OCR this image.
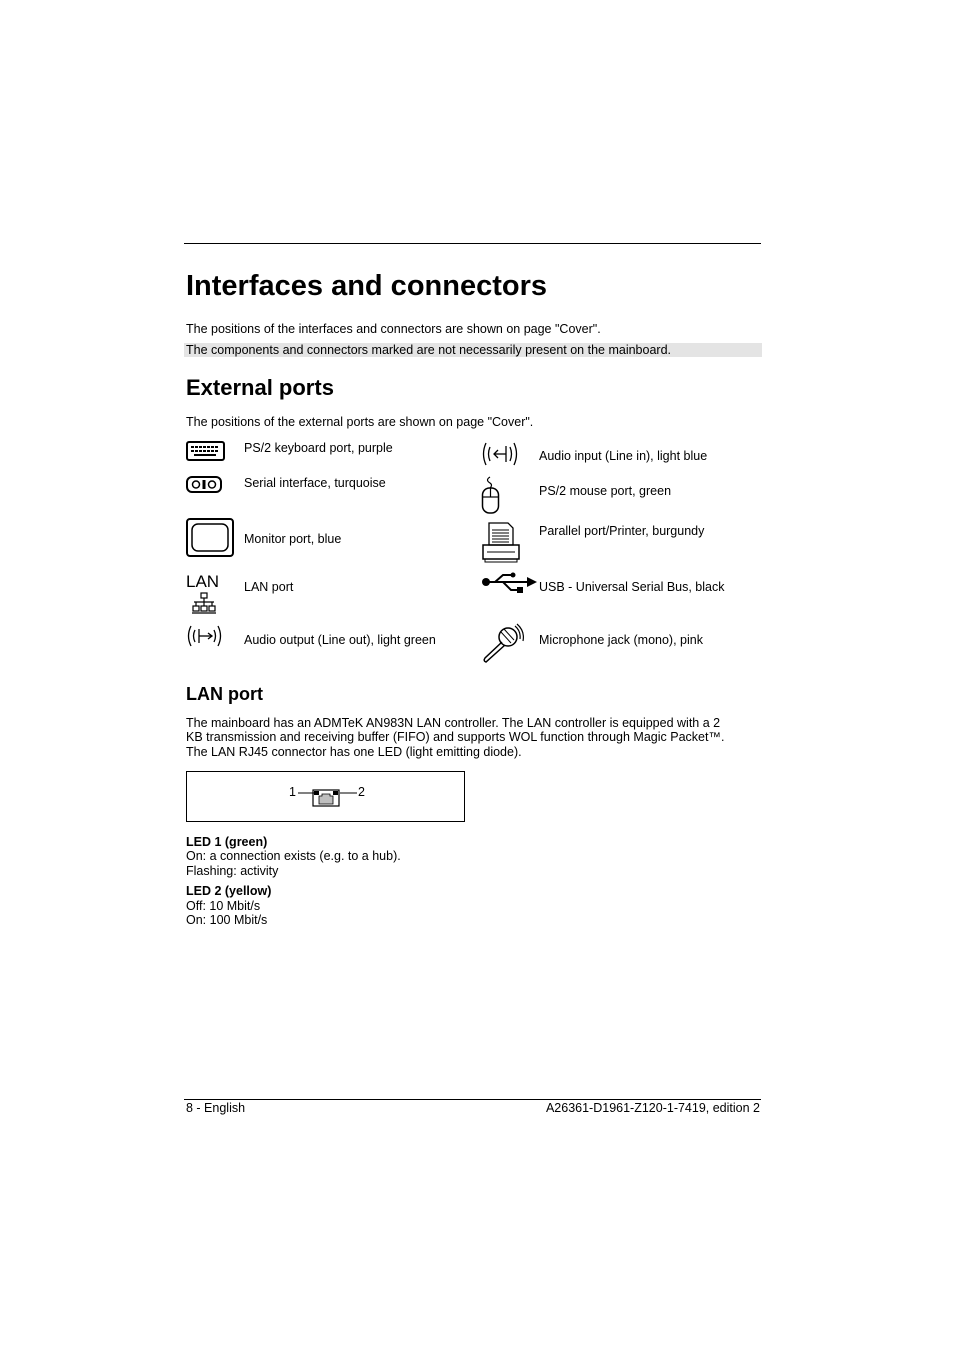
Interfaces and connectors
The positions of the interfaces and connectors are shown on page "Cover".
The components and connectors marked are not necessarily present on the mainboard.
External ports
The positions of the external ports are shown on page "Cover".
PS/2 keyboard port, purple
Serial interface, turquoise
Monitor port, blue
LAN LAN port
Audio output (Line out), light green
Audio input (Line in), light blue
PS/2 mouse port, green
Parallel port/Printer, burgundy
USB - Universal Serial Bus, black
Microphone jack (mono), pink
LAN port
The mainboard has an ADMTeK AN983N LAN controller. The LAN controller is equipped with a 2
KB transmission and receiving buffer (FIFO) and supports WOL function through Magic Packet™.
The LAN RJ45 connector has one LED (light emitting diode).
1	2
LED 1 (green)
On: a connection exists (e.g. to a hub).
Flashing: activity
LED 2 (yellow)
Off: 10 Mbit/s
On: 100 Mbit/s
8 - English	A26361-D1961-Z120-1-7419, edition 2
